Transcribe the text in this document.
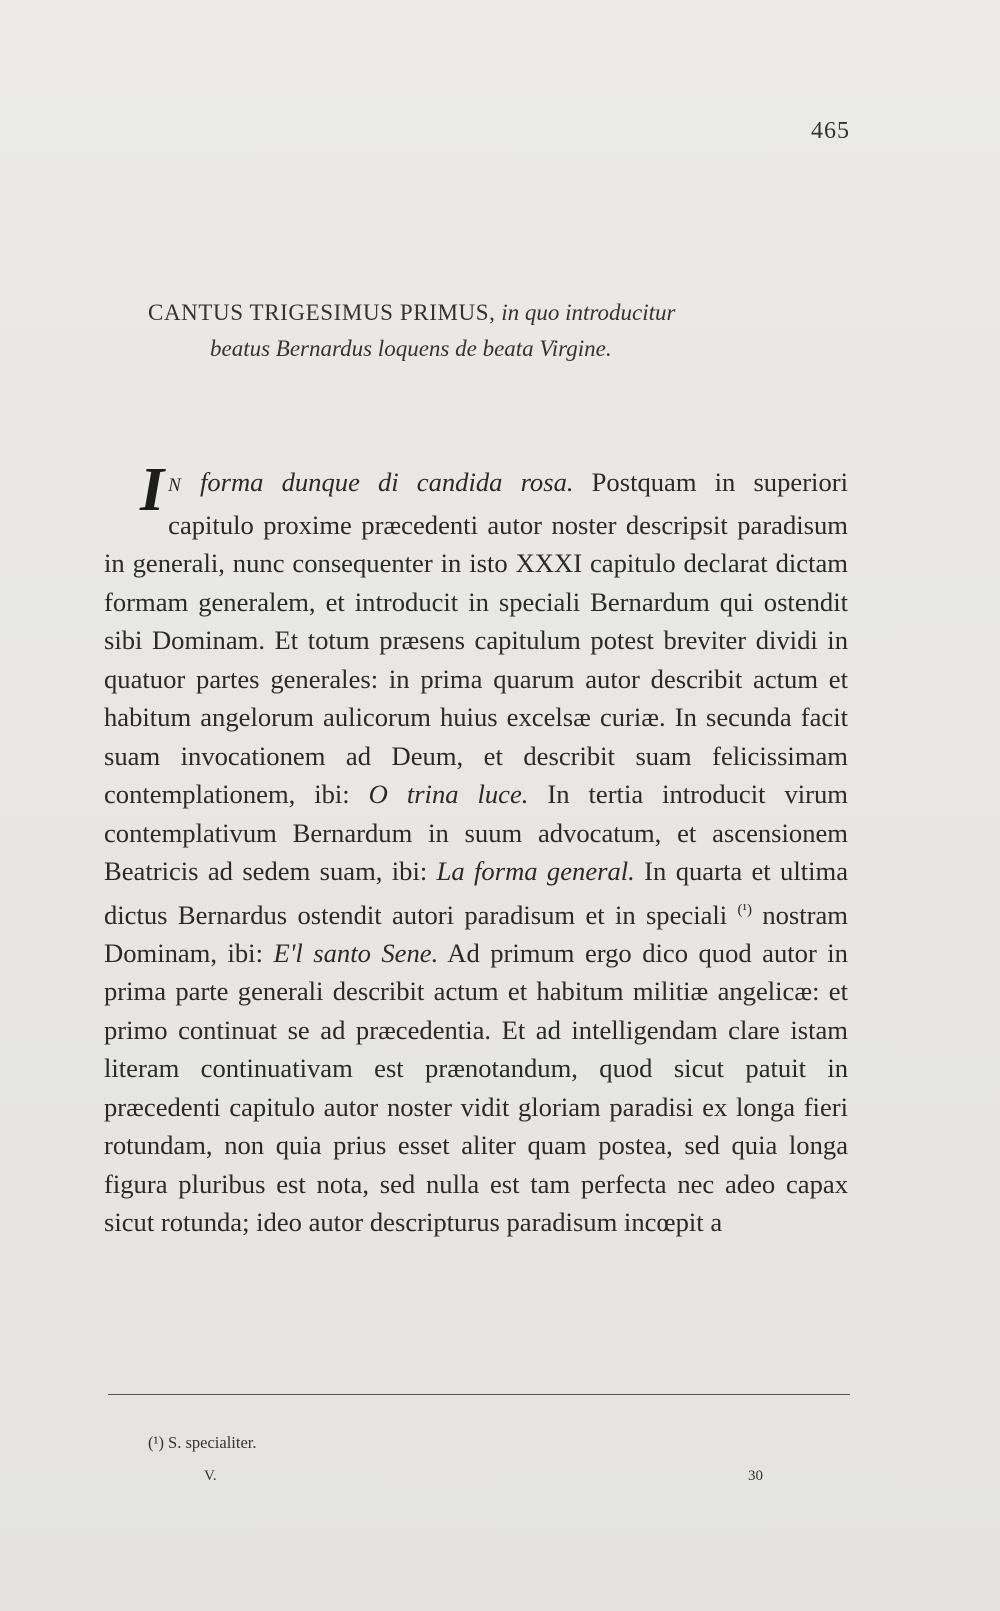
465
CANTUS TRIGESIMUS PRIMUS, in quo introducitur
beatus Bernardus loquens de beata Virgine.

I N forma dunque di candida rosa. Postquam in superiori capitulo proxime præcedenti autor noster descripsit paradisum in generali, nunc consequenter in isto XXXI capitulo declarat dictam formam generalem, et introducit in speciali Bernardum qui ostendit sibi Dominam. Et totum præsens capitulum potest breviter dividi in quatuor partes generales: in prima quarum autor describit actum et habitum angelorum aulicorum huius excelsæ curiæ. In secunda facit suam invocationem ad Deum, et describit suam felicissimam contemplationem, ibi: O trina luce. In tertia introducit virum contemplativum Bernardum in suum advocatum, et ascensionem Beatricis ad sedem suam, ibi: La forma general. In quarta et ultima dictus Bernardus ostendit autori paradisum et in speciali $^{(^1)}$ nostram Dominam, ibi: E'l santo Sene. Ad primum ergo dico quod autor in prima parte generali describit actum et habitum militiæ angelicæ: et primo continuat se ad præcedentia. Et ad intelligendam clare istam literam continuativam est prænotandum, quod sicut patuit in præcedenti capitulo autor noster vidit gloriam paradisi ex longa fieri rotundam, non quia prius esset aliter quam postea, sed quia longa figura pluribus est nota, sed nulla est tam perfecta nec adeo capax sicut rotunda; ideo autor descripturus paradisum incœpit a

(¹) S. specialiter.
V.	30
